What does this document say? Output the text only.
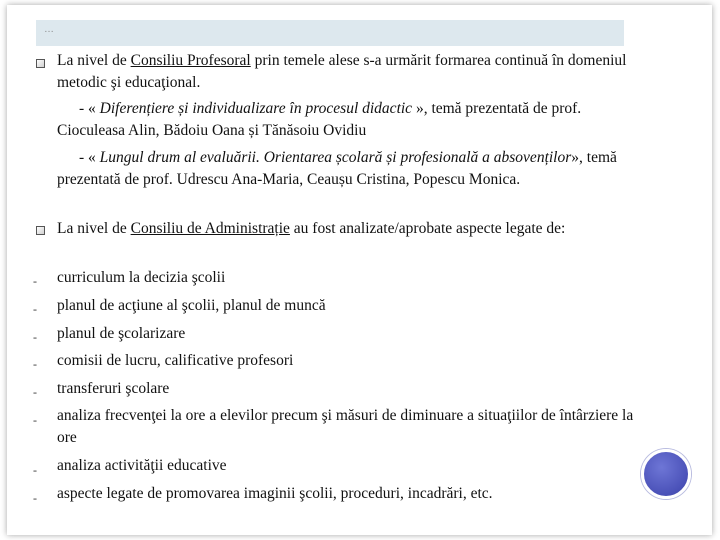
…
La nivel de Consiliu Profesoral prin temele alese s-a urmărit formarea continuă în domeniul metodic şi educaţional.
- « Diferențiere și individualizare în procesul didactic », temă prezentată de prof. Cioculeasa Alin, Bădoiu Oana și Tănăsoiu Ovidiu
- « Lungul drum al evaluării. Orientarea școlară și profesională a absovenților», temă prezentată de prof. Udrescu Ana-Maria, Ceaușu Cristina, Popescu Monica.
La nivel de Consiliu de Administrație au fost analizate/aprobate aspecte legate de:
- curriculum la decizia şcolii
- planul de acţiune al şcolii, planul de muncă
- planul de şcolarizare
- comisii de lucru, calificative profesori
- transferuri şcolare
- analiza frecvenţei la ore a elevilor precum şi măsuri de diminuare a situaţiilor de întârziere la ore
- analiza activităţii educative
- aspecte legate de promovarea imaginii şcolii, proceduri, incadrări, etc.
